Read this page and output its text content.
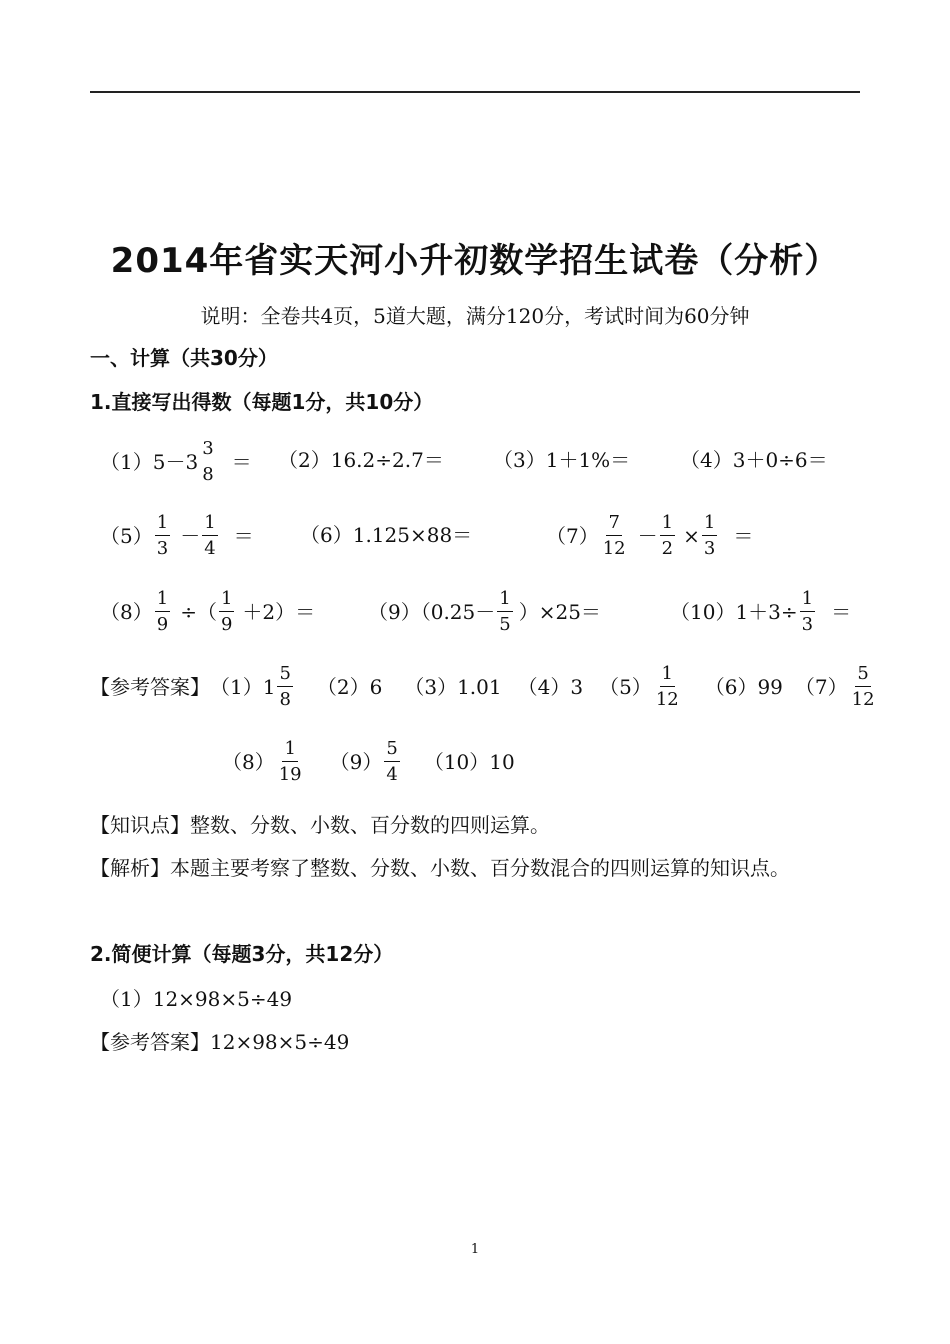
2014年省实天河小升初数学招生试卷（分析）
说明：全卷共4页，5道大题，满分120分，考试时间为60分钟
一、计算（共30分）
1.直接写出得数（每题1分，共10分）
（1） 5－3
3
8
＝ （2）16.2÷2.7＝ （3）1＋1%＝ （4）3＋0÷6＝
$(5) \frac{1}{3} - \frac{1}{4} = (6)1.125\times 88=$	$(7) \frac{7}{12} - \frac{1}{2} \times \frac{1}{3}$ ＝
$(8) \frac{1}{9}$ ÷（ $\frac{1}{9} +2)=$	$(9)(0.25- \frac{1}{5} )\times 25=$	$(10)1+3\div \frac{1}{3}$ ＝
【参考答案】 $(1)1 \frac{5}{8} (2)6$ （3）1.01 （4）3 $(5) \frac{1}{12} (6)99$ $(7) \frac{5}{12}$
$(8) \frac{1}{19} (9) \frac{5}{4} (10)10$
【知识点】整数、分数、小数、百分数的四则运算。
【解析】本题主要考察了整数、分数、小数、百分数混合的四则运算的知识点。
2.简便计算（每题3分，共12分）
（1）12×98×5÷49
【参考答案】12×98×5÷49
1
